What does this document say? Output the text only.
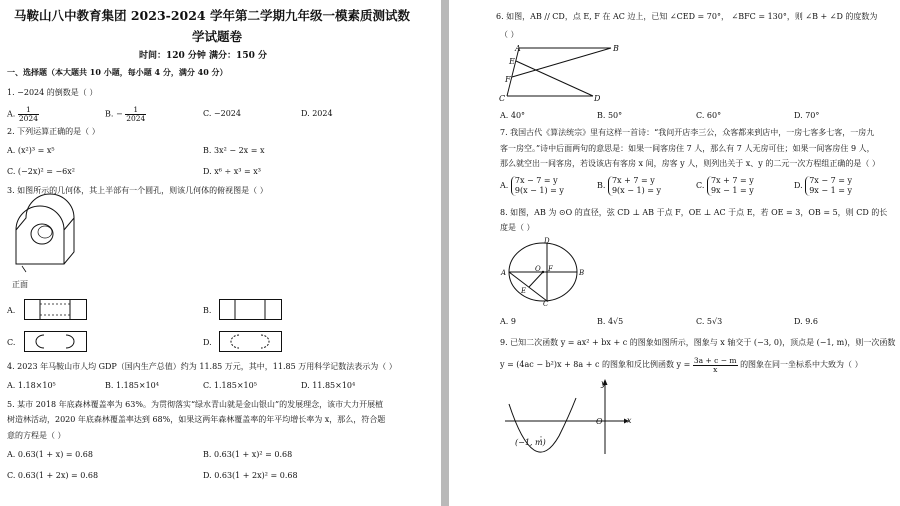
马鞍山八中教育集团 2023-2024 学年第二学期九年级一模素质测试数
学试题卷
时间：120 分钟 满分：150 分
一、选择题（本大题共 10 小题，每小题 4 分，满分 40 分）
1. −2024 的倒数是（ ）
A. $\frac{1}{2024}$	B. − $\frac{1}{2024}$	C. −2024	D. 2024
2. 下列运算正确的是（ ）
A. (x²)³ = x⁵	B. 3x² − 2x = x
C. (−2x)² = −6x²	D. x⁶ ÷ x³ = x³
3. 如图所示的几何体，其上半部有一个圆孔，则该几何体的俯视图是（ ）
正面
A.	B.
C.	D.
4. 2023 年马鞍山市人均 GDP（国内生产总值）约为 11.85 万元，其中，11.85 万用科学记数法表示为（ ）
A. 1.18×10⁵	B. 1.185×10⁴	C. 1.185×10⁵	D. 11.85×10⁴
5. 某市 2018 年底森林覆盖率为 63%。为贯彻落实“绿水青山就是金山银山”的发展理念，该市大力开展植
树造林活动，2020 年底森林覆盖率达到 68%，如果这两年森林覆盖率的年平均增长率为 x，那么，符合题
意的方程是（ ）
A. 0.63(1 + x) = 0.68	B. 0.63(1 + x)² = 0.68
C. 0.63(1 + 2x) = 0.68	D. 0.63(1 + 2x)² = 0.68
6. 如图，AB // CD，点 E, F 在 AC 边上，已知 ∠CED = 70°， ∠BFC = 130°，则 ∠B + ∠D 的度数为
（ ）
A	B
E
F
C	D
A. 40°	B. 50°	C. 60°	D. 70°
7. 我国古代《算法统宗》里有这样一首诗：“我问开店李三公，众客都来到店中，一房七客多七客，一房九
客一房空。”诗中后面两句的意思是：如果一间客房住 7 人，那么有 7 人无房可住；如果一间客房住 9 人，
那么就空出一间客房，若设该店有客房 x 间，房客 y 人，则列出关于 x、y 的二元一次方程组正确的是（ ）
A.
7x − 7 = y
9(x − 1) = y
B.
7x + 7 = y
9(x − 1) = y
C.
7x + 7 = y
9x − 1 = y
D.
7x − 7 = y
9x − 1 = y
8. 如图，AB 为 ⊙O 的直径，弦 CD ⊥ AB 于点 F，OE ⊥ AC 于点 E，若 OE = 3，OB = 5，则 CD 的长
度是（ ）
D
A	O F	B
E
C
A. 9	B. 4√5	C. 5√3	D. 9.6
9. 已知二次函数 y = ax² + bx + c 的图象如图所示，图象与 x 轴交于 (−3, 0)，顶点是 (−1, m)，则一次函数
y = (4ac − b²)x + 8a + c 的图象和反比例函数 $y = \frac{3a + c - m}{x}$ 的图象在同一坐标系中大致为（ ）
y
O	x
(−1, m)
